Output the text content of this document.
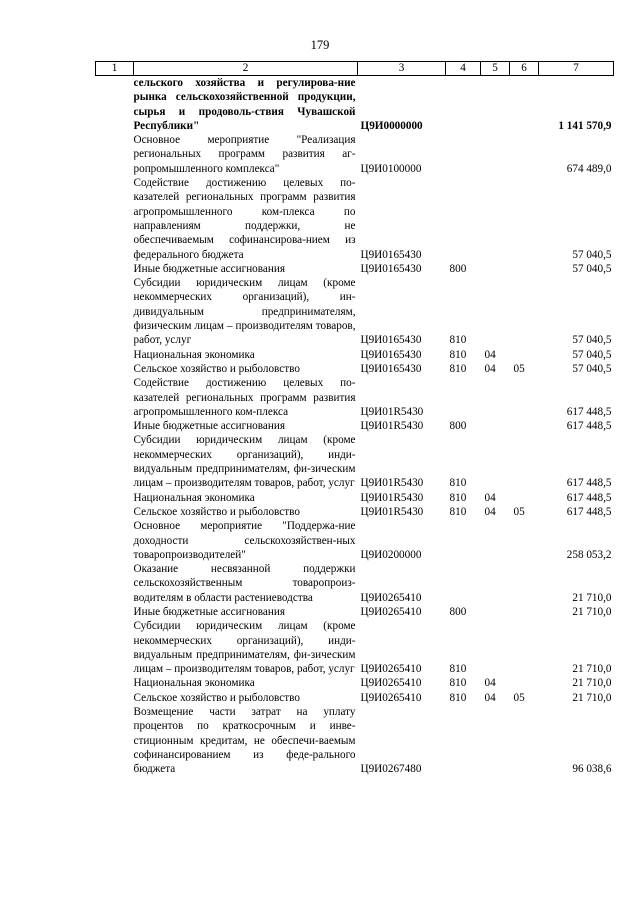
179
1	2	3	4	5	6	7
	сельского хозяйства и регулирова-ние рынка сельскохозяйственной продукции, сырья и продоволь-ствия Чувашской Республики"	Ц9И0000000				1 141 570,9
	Основное мероприятие "Реализация региональных программ развития аг-ропромышленного комплекса"	Ц9И0100000				674 489,0
	Содействие достижению целевых по-казателей региональных программ развития агропромышленного ком-плекса по направлениям поддержки, не обеспечиваемым софинансирова-нием из федерального бюджета	Ц9И0165430				57 040,5
	Иные бюджетные ассигнования	Ц9И0165430	800			57 040,5
	Субсидии юридическим лицам (кроме некоммерческих организаций), ин-дивидуальным предпринимателям, физическим лицам – производителям товаров, работ, услуг	Ц9И0165430	810			57 040,5
	Национальная экономика	Ц9И0165430	810	04		57 040,5
	Сельское хозяйство и рыболовство	Ц9И0165430	810	04	05	57 040,5
	Содействие достижению целевых по-казателей региональных программ развития агропромышленного ком-плекса	Ц9И01R5430				617 448,5
	Иные бюджетные ассигнования	Ц9И01R5430	800			617 448,5
	Субсидии юридическим лицам (кроме некоммерческих организаций), инди-видуальным предпринимателям, фи-зическим лицам – производителям товаров, работ, услуг	Ц9И01R5430	810			617 448,5
	Национальная экономика	Ц9И01R5430	810	04		617 448,5
	Сельское хозяйство и рыболовство	Ц9И01R5430	810	04	05	617 448,5
	Основное мероприятие "Поддержа-ние доходности сельскохозяйствен-ных товаропроизводителей"	Ц9И0200000				258 053,2
	Оказание несвязанной поддержки сельскохозяйственным товаропроиз-водителям в области растениеводства	Ц9И0265410				21 710,0
	Иные бюджетные ассигнования	Ц9И0265410	800			21 710,0
	Субсидии юридическим лицам (кроме некоммерческих организаций), инди-видуальным предпринимателям, фи-зическим лицам – производителям товаров, работ, услуг	Ц9И0265410	810			21 710,0
	Национальная экономика	Ц9И0265410	810	04		21 710,0
	Сельское хозяйство и рыболовство	Ц9И0265410	810	04	05	21 710,0
	Возмещение части затрат на уплату процентов по краткосрочным и инве-стиционным кредитам, не обеспечи-ваемым софинансированием из феде-рального бюджета	Ц9И0267480				96 038,6
